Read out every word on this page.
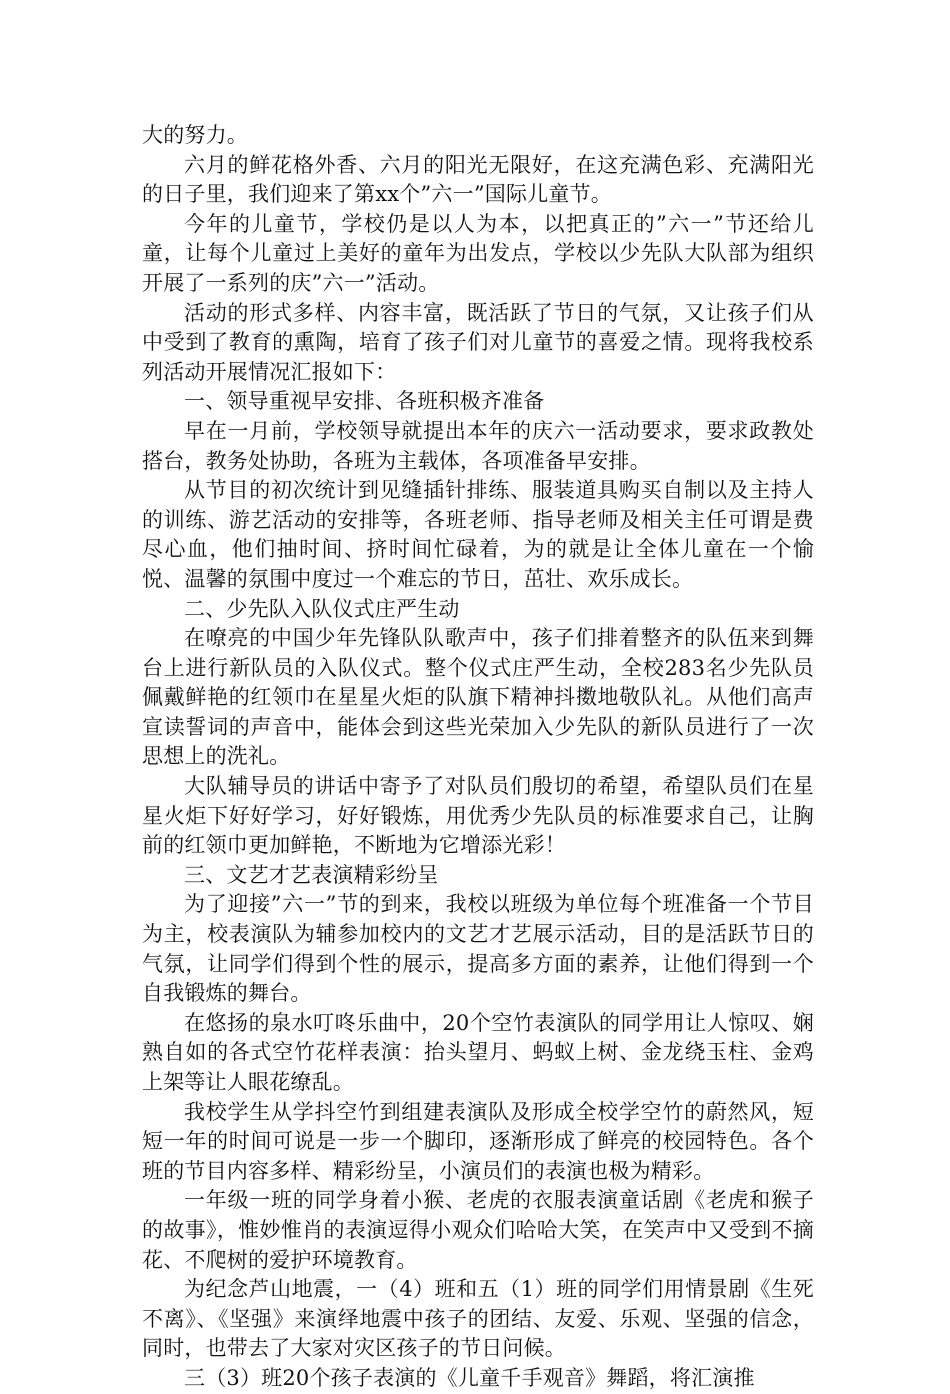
大的努力。

六月的鲜花格外香、六月的阳光无限好，在这充满色彩、充满阳光的日子里，我们迎来了第xx个”六一”国际儿童节。

今年的儿童节，学校仍是以人为本，以把真正的”六一”节还给儿童，让每个儿童过上美好的童年为出发点，学校以少先队大队部为组织开展了一系列的庆”六一”活动。

活动的形式多样、内容丰富，既活跃了节日的气氛，又让孩子们从中受到了教育的熏陶，培育了孩子们对儿童节的喜爱之情。现将我校系列活动开展情况汇报如下：

一、领导重视早安排、各班积极齐准备

早在一月前，学校领导就提出本年的庆六一活动要求，要求政教处搭台，教务处协助，各班为主载体，各项准备早安排。

从节目的初次统计到见缝插针排练、服装道具购买自制以及主持人的训练、游艺活动的安排等，各班老师、指导老师及相关主任可谓是费尽心血，他们抽时间、挤时间忙碌着，为的就是让全体儿童在一个愉悦、温馨的氛围中度过一个难忘的节日，茁壮、欢乐成长。

二、少先队入队仪式庄严生动

在嘹亮的中国少年先锋队队歌声中，孩子们排着整齐的队伍来到舞台上进行新队员的入队仪式。整个仪式庄严生动，全校283名少先队员佩戴鲜艳的红领巾在星星火炬的队旗下精神抖擞地敬队礼。从他们高声宣读誓词的声音中，能体会到这些光荣加入少先队的新队员进行了一次思想上的洗礼。

大队辅导员的讲话中寄予了对队员们殷切的希望，希望队员们在星星火炬下好好学习，好好锻炼，用优秀少先队员的标准要求自己，让胸前的红领巾更加鲜艳，不断地为它增添光彩！

三、文艺才艺表演精彩纷呈

为了迎接”六一”节的到来，我校以班级为单位每个班准备一个节目为主，校表演队为辅参加校内的文艺才艺展示活动，目的是活跃节日的气氛，让同学们得到个性的展示，提高多方面的素养，让他们得到一个自我锻炼的舞台。

在悠扬的泉水叮咚乐曲中，20个空竹表演队的同学用让人惊叹、娴熟自如的各式空竹花样表演：抬头望月、蚂蚁上树、金龙绕玉柱、金鸡上架等让人眼花缭乱。

我校学生从学抖空竹到组建表演队及形成全校学空竹的蔚然风，短短一年的时间可说是一步一个脚印，逐渐形成了鲜亮的校园特色。各个班的节目内容多样、精彩纷呈，小演员们的表演也极为精彩。

一年级一班的同学身着小猴、老虎的衣服表演童话剧《老虎和猴子的故事》，惟妙惟肖的表演逗得小观众们哈哈大笑，在笑声中又受到不摘花、不爬树的爱护环境教育。

为纪念芦山地震，一（4）班和五（1）班的同学们用情景剧《生死不离》、《坚强》来演绎地震中孩子的团结、友爱、乐观、坚强的信念，同时，也带去了大家对灾区孩子的节日问候。

三（3）班20个孩子表演的《儿童千手观音》舞蹈，将汇演推
